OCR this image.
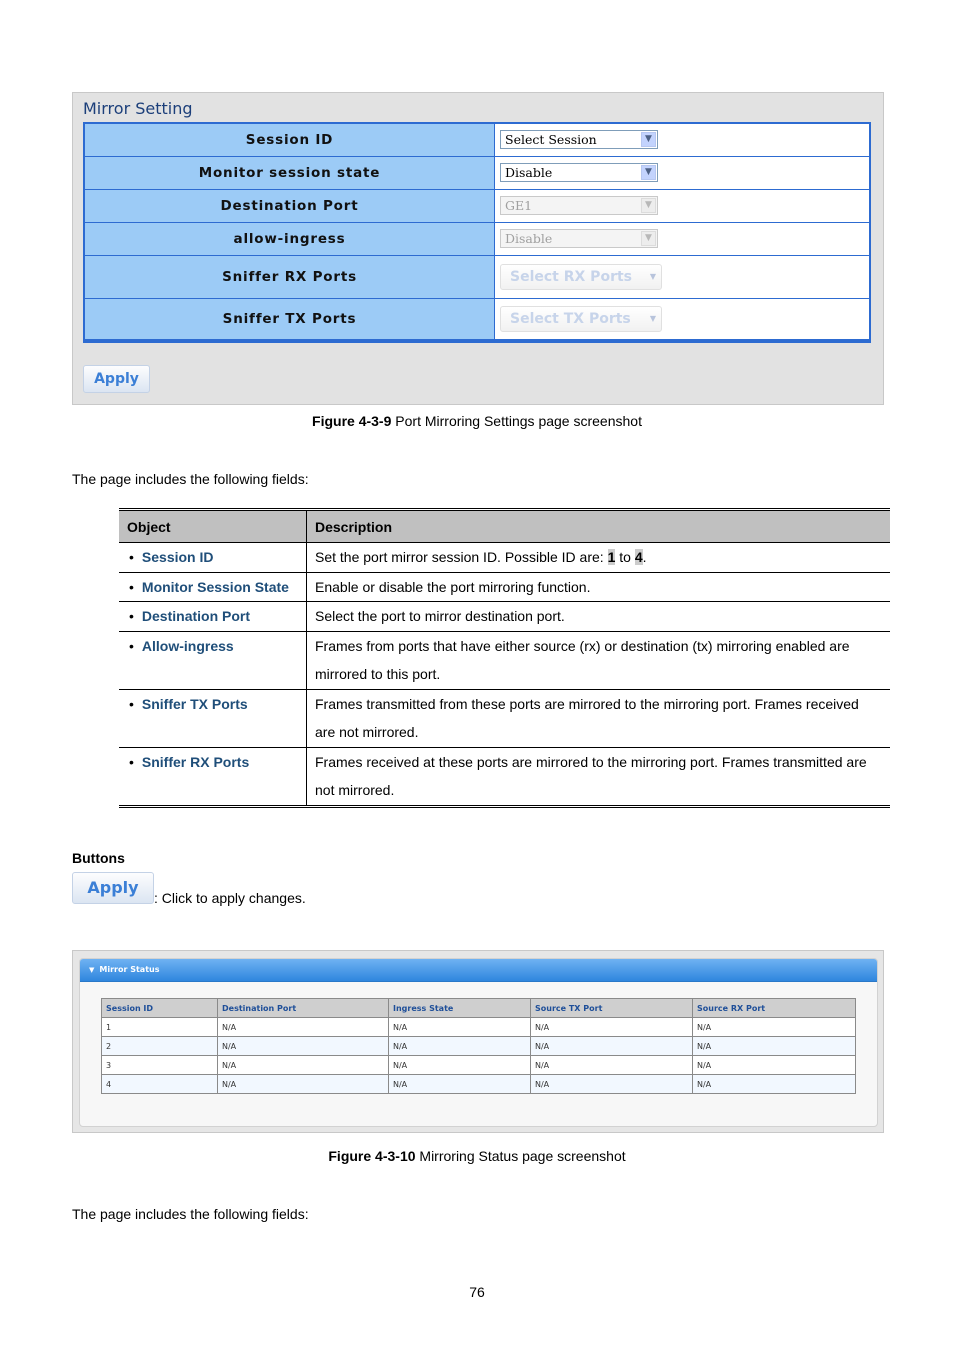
Mirror Setting
Session ID	Select Session ▼

Monitor session state	Disable ▼

Destination Port	GE1 ▼

allow-ingress	Disable ▼

Sniffer RX Ports	Select RX Ports ▼

Sniffer TX Ports	Select TX Ports ▼
Apply
Figure 4-3-9 Port Mirroring Settings page screenshot
The page includes the following fields:
Object	Description
• Session ID	Set the port mirror session ID. Possible ID are: 1 to 4.
• Monitor Session State	Enable or disable the port mirroring function.
• Destination Port	Select the port to mirror destination port.
• Allow-ingress	Frames from ports that have either source (rx) or destination (tx) mirroring enabled are
mirrored to this port.

• Sniffer TX Ports	Frames transmitted from these ports are mirrored to the mirroring port. Frames received
are not mirrored.

• Sniffer RX Ports	Frames received at these ports are mirrored to the mirroring port. Frames transmitted are
not mirrored.
Buttons
Apply
: Click to apply changes.
▼ Mirror Status
Session ID	Destination Port	Ingress State	Source TX Port	Source RX Port
1	N/A	N/A	N/A	N/A
2	N/A	N/A	N/A	N/A
3	N/A	N/A	N/A	N/A
4	N/A	N/A	N/A	N/A
Figure 4-3-10 Mirroring Status page screenshot
The page includes the following fields:
76
